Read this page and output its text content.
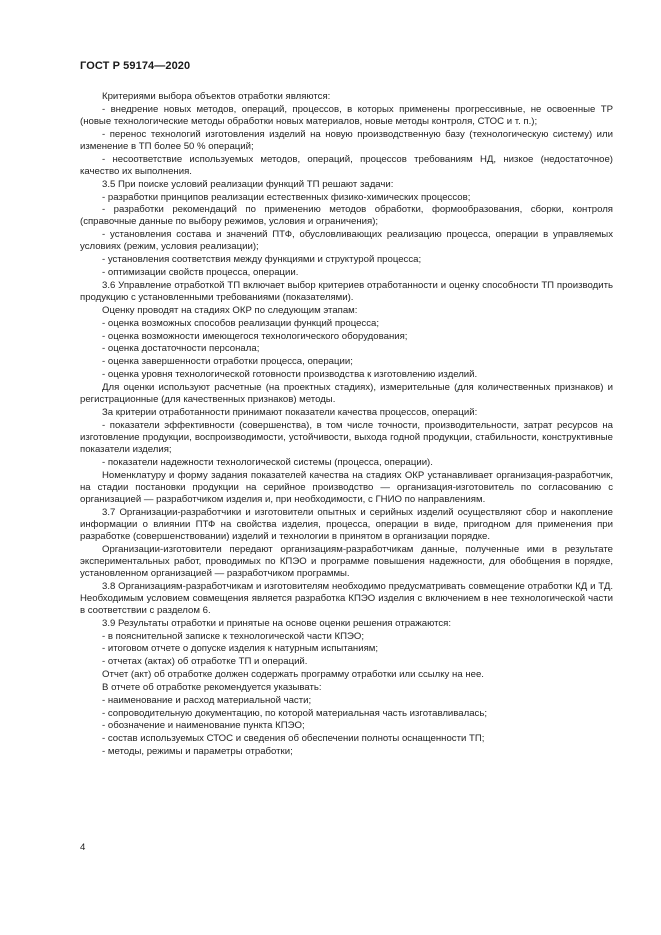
ГОСТ Р 59174—2020

Критериями выбора объектов отработки являются:

- внедрение новых методов, операций, процессов, в которых применены прогрессивные, не освоенные ТР (новые технологические методы обработки новых материалов, новые методы контроля, СТОС и т. п.);

- перенос технологий изготовления изделий на новую производственную базу (технологическую систему) или изменение в ТП более 50 % операций;

- несоответствие используемых методов, операций, процессов требованиям НД, низкое (недостаточное) качество их выполнения.

3.5 При поиске условий реализации функций ТП решают задачи:

- разработки принципов реализации естественных физико-химических процессов;

- разработки рекомендаций по применению методов обработки, формообразования, сборки, контроля (справочные данные по выбору режимов, условия и ограничения);

- установления состава и значений ПТФ, обусловливающих реализацию процесса, операции в управляемых условиях (режим, условия реализации);

- установления соответствия между функциями и структурой процесса;

- оптимизации свойств процесса, операции.

3.6 Управление отработкой ТП включает выбор критериев отработанности и оценку способности ТП производить продукцию с установленными требованиями (показателями).

Оценку проводят на стадиях ОКР по следующим этапам:

- оценка возможных способов реализации функций процесса;

- оценка возможности имеющегося технологического оборудования;

- оценка достаточности персонала;

- оценка завершенности отработки процесса, операции;

- оценка уровня технологической готовности производства к изготовлению изделий.

Для оценки используют расчетные (на проектных стадиях), измерительные (для количественных признаков) и регистрационные (для качественных признаков) методы.

За критерии отработанности принимают показатели качества процессов, операций:

- показатели эффективности (совершенства), в том числе точности, производительности, затрат ресурсов на изготовление продукции, воспроизводимости, устойчивости, выхода годной продукции, стабильности, конструктивные показатели изделия;

- показатели надежности технологической системы (процесса, операции).

Номенклатуру и форму задания показателей качества на стадиях ОКР устанавливает организация-разработчик, на стадии постановки продукции на серийное производство — организация-изготовитель по согласованию с организацией — разработчиком изделия и, при необходимости, с ГНИО по направлениям.

3.7 Организации-разработчики и изготовители опытных и серийных изделий осуществляют сбор и накопление информации о влиянии ПТФ на свойства изделия, процесса, операции в виде, пригодном для применения при разработке (совершенствовании) изделий и технологии в принятом в организации порядке.

Организации-изготовители передают организациям-разработчикам данные, полученные ими в результате экспериментальных работ, проводимых по КПЭО и программе повышения надежности, для обобщения в порядке, установленном организацией — разработчиком программы.

3.8 Организациям-разработчикам и изготовителям необходимо предусматривать совмещение отработки КД и ТД. Необходимым условием совмещения является разработка КПЭО изделия с включением в нее технологической части в соответствии с разделом 6.

3.9 Результаты отработки и принятые на основе оценки решения отражаются:

- в пояснительной записке к технологической части КПЭО;

- итоговом отчете о допуске изделия к натурным испытаниям;

- отчетах (актах) об отработке ТП и операций.

Отчет (акт) об отработке должен содержать программу отработки или ссылку на нее.

В отчете об отработке рекомендуется указывать:

- наименование и расход материальной части;

- сопроводительную документацию, по которой материальная часть изготавливалась;

- обозначение и наименование пункта КПЭО;

- состав используемых СТОС и сведения об обеспечении полноты оснащенности ТП;

- методы, режимы и параметры отработки;

4
